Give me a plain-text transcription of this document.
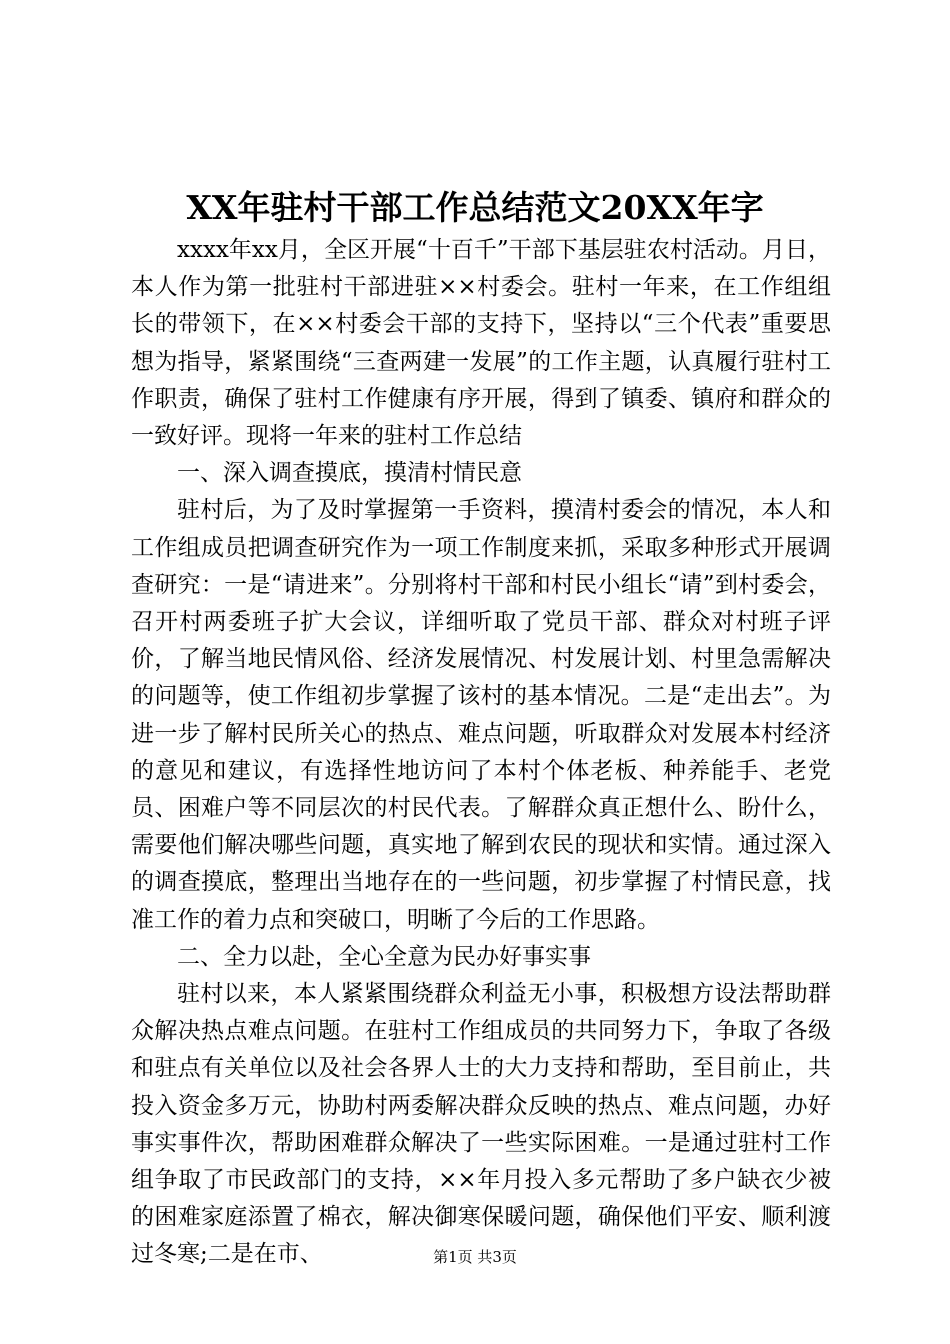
XX年驻村干部工作总结范文20XX年字

xxxx年xx月，全区开展“十百千”干部下基层驻农村活动。月日，本人作为第一批驻村干部进驻××村委会。驻村一年来，在工作组组长的带领下，在××村委会干部的支持下，坚持以“三个代表”重要思想为指导，紧紧围绕“三查两建一发展”的工作主题，认真履行驻村工作职责，确保了驻村工作健康有序开展，得到了镇委、镇府和群众的一致好评。现将一年来的驻村工作总结

一、深入调查摸底，摸清村情民意

驻村后，为了及时掌握第一手资料，摸清村委会的情况，本人和工作组成员把调查研究作为一项工作制度来抓，采取多种形式开展调查研究：一是“请进来”。分别将村干部和村民小组长“请”到村委会，召开村两委班子扩大会议，详细听取了党员干部、群众对村班子评价，了解当地民情风俗、经济发展情况、村发展计划、村里急需解决的问题等，使工作组初步掌握了该村的基本情况。二是“走出去”。为进一步了解村民所关心的热点、难点问题，听取群众对发展本村经济的意见和建议，有选择性地访问了本村个体老板、种养能手、老党员、困难户等不同层次的村民代表。了解群众真正想什么、盼什么，需要他们解决哪些问题，真实地了解到农民的现状和实情。通过深入的调查摸底，整理出当地存在的一些问题，初步掌握了村情民意，找准工作的着力点和突破口，明晰了今后的工作思路。

二、全力以赴，全心全意为民办好事实事

驻村以来，本人紧紧围绕群众利益无小事，积极想方设法帮助群众解决热点难点问题。在驻村工作组成员的共同努力下，争取了各级和驻点有关单位以及社会各界人士的大力支持和帮助，至目前止，共投入资金多万元，协助村两委解决群众反映的热点、难点问题，办好事实事件次，帮助困难群众解决了一些实际困难。一是通过驻村工作组争取了市民政部门的支持，××年月投入多元帮助了多户缺衣少被的困难家庭添置了棉衣，解决御寒保暖问题，确保他们平安、顺利渡过冬寒;二是在市、	第1页 共3页
